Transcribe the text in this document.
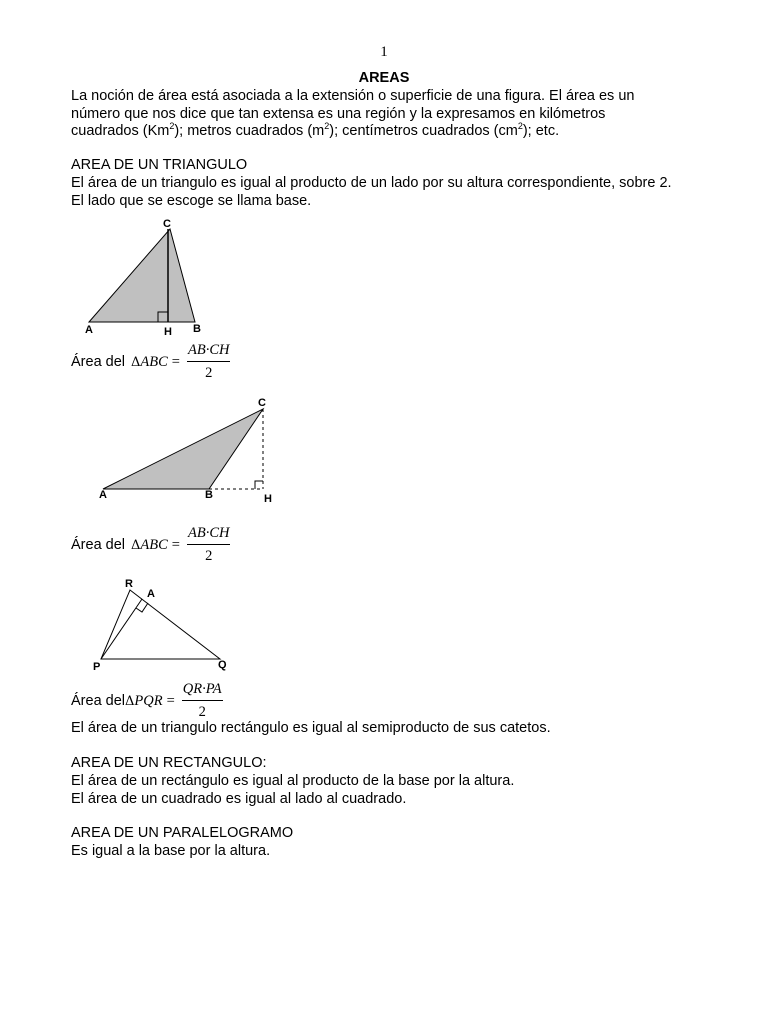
1
AREAS
La noción de área está asociada a la extensión o superficie de una figura. El área es un
número que nos dice que tan extensa es una región y la expresamos en kilómetros
cuadrados (Km$^2$); metros cuadrados $(m^2)$; centímetros cuadrados $(cm^2)$; etc.
AREA DE UN TRIANGULO
El área de un triangulo es igual al producto de un lado por su altura correspondiente, sobre 2.
El lado que se escoge se llama base.
C
A	H B
Área del $\Delta ABC = \frac{AB\cdot CH}{2}$
C
A	B	H
Área del $\Delta ABC = \frac{AB\cdot CH}{2}$
R
A
P	Q
Área del $\Delta PQR = \frac{QR\cdot PA}{2}$
El área de un triangulo rectángulo es igual al semiproducto de sus catetos.
AREA DE UN RECTANGULO:
El área de un rectángulo es igual al producto de la base por la altura.
El área de un cuadrado es igual al lado al cuadrado.
AREA DE UN PARALELOGRAMO
Es igual a la base por la altura.
